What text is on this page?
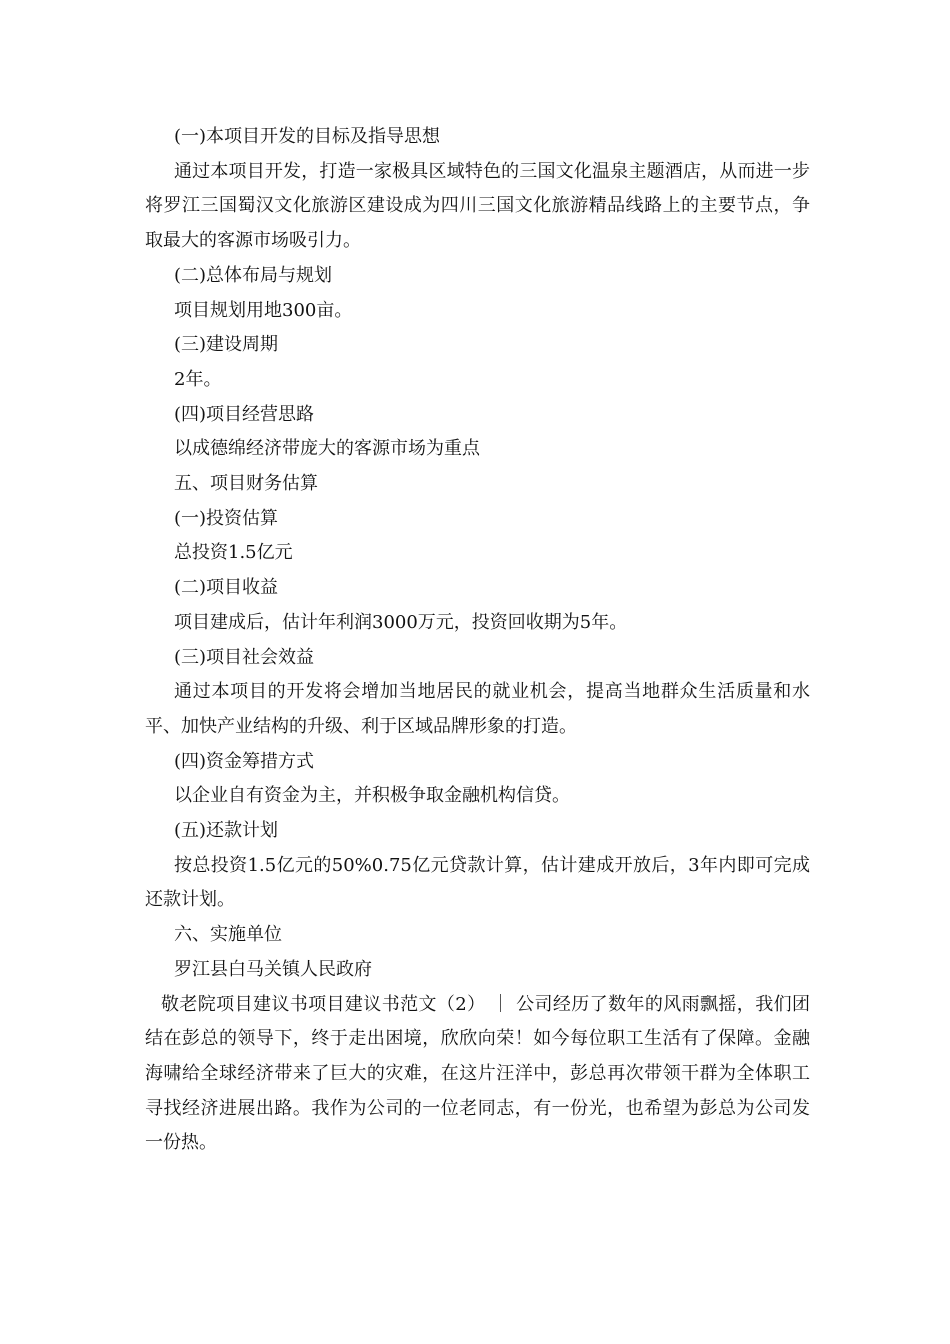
(一)本项目开发的目标及指导思想

通过本项目开发，打造一家极具区域特色的三国文化温泉主题酒店，从而进一步将罗江三国蜀汉文化旅游区建设成为四川三国文化旅游精品线路上的主要节点，争取最大的客源市场吸引力。

(二)总体布局与规划

项目规划用地300亩。

(三)建设周期

2年。

(四)项目经营思路

以成德绵经济带庞大的客源市场为重点

五、项目财务估算

(一)投资估算

总投资1.5亿元

(二)项目收益

项目建成后，估计年利润3000万元，投资回收期为5年。

(三)项目社会效益

通过本项目的开发将会增加当地居民的就业机会，提高当地群众生活质量和水平、加快产业结构的升级、利于区域品牌形象的打造。

(四)资金筹措方式

以企业自有资金为主，并积极争取金融机构信贷。

(五)还款计划

按总投资1.5亿元的50%0.75亿元贷款计算，估计建成开放后，3年内即可完成还款计划。

六、实施单位

罗江县白马关镇人民政府

敬老院项目建议书项目建议书范文（2） ｜ 公司经历了数年的风雨飘摇，我们团结在彭总的领导下，终于走出困境，欣欣向荣！如今每位职工生活有了保障。金融海啸给全球经济带来了巨大的灾难，在这片汪洋中，彭总再次带领干群为全体职工寻找经济进展出路。我作为公司的一位老同志，有一份光，也希望为彭总为公司发一份热。
